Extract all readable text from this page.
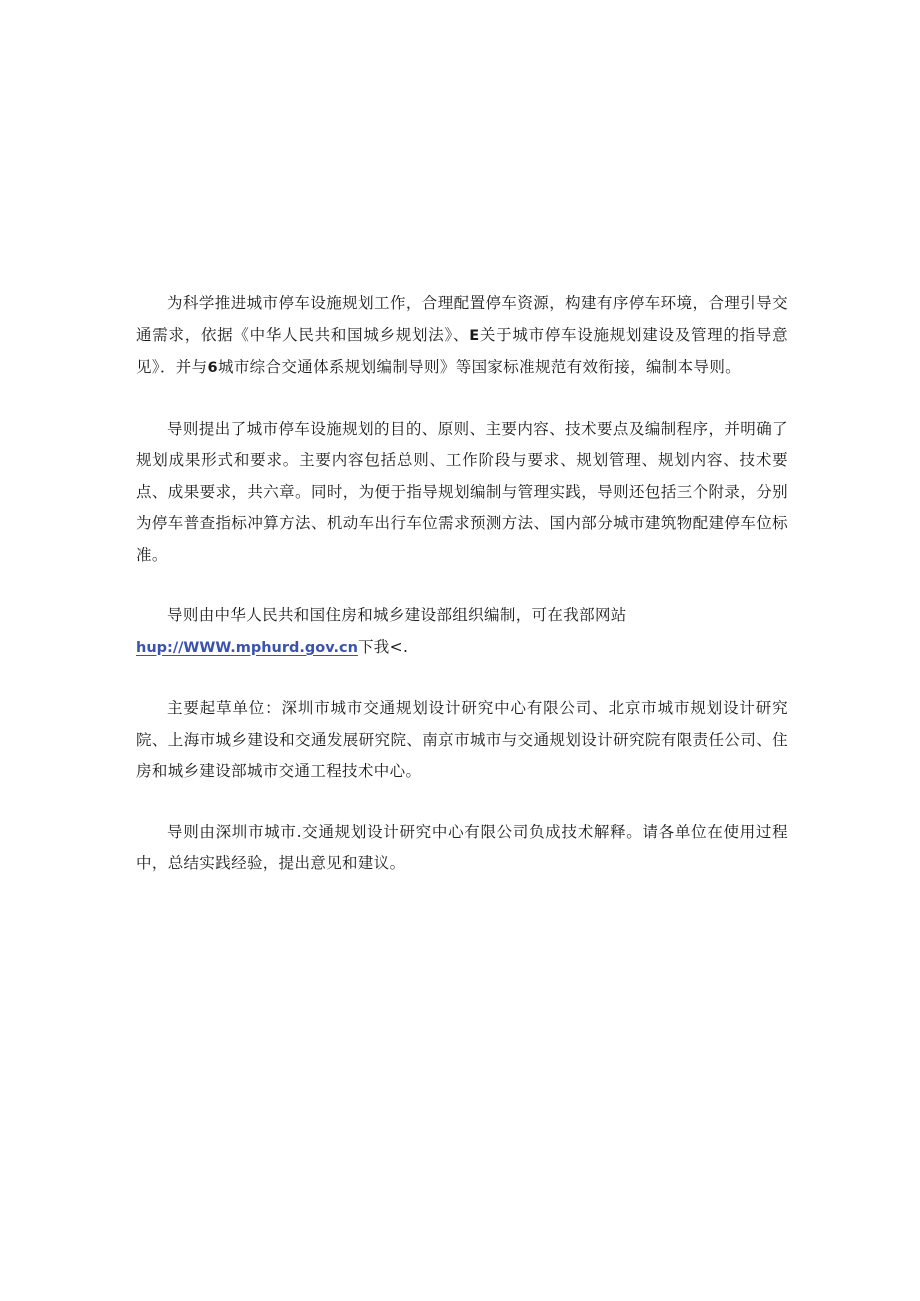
为科学推进城市停车设施规划工作，合理配置停车资源，构建有序停车环境，合理引导交通需求，依据《中华人民共和国城乡规划法》、E关于城市停车设施规划建设及管理的指导意见》．并与6城市综合交通体系规划编制导则》等国家标准规范有效衔接，编制本导则。

导则提出了城市停车设施规划的目的、原则、主要内容、技术要点及编制程序，并明确了规划成果形式和要求。主要内容包括总则、工作阶段与要求、规划管理、规划内容、技术要点、成果要求，共六章。同时，为便于指导规划编制与管理实践，导则还包括三个附录，分别为停车普查指标冲算方法、机动车出行车位需求预测方法、国内部分城市建筑物配建停车位标准。

导则由中华人民共和国住房和城乡建设部组织编制，可在我部网站
hup://WWW.mphurd.gov.cn下我<.

主要起草单位：深圳市城市交通规划设计研究中心有限公司、北京市城市规划设计研究院、上海市城乡建设和交通发展研究院、南京市城市与交通规划设计研究院有限责任公司、住房和城乡建设部城市交通工程技术中心。

导则由深圳市城市.交通规划设计研究中心有限公司负成技术解释。请各单位在使用过程中，总结实践经验，提出意见和建议。
